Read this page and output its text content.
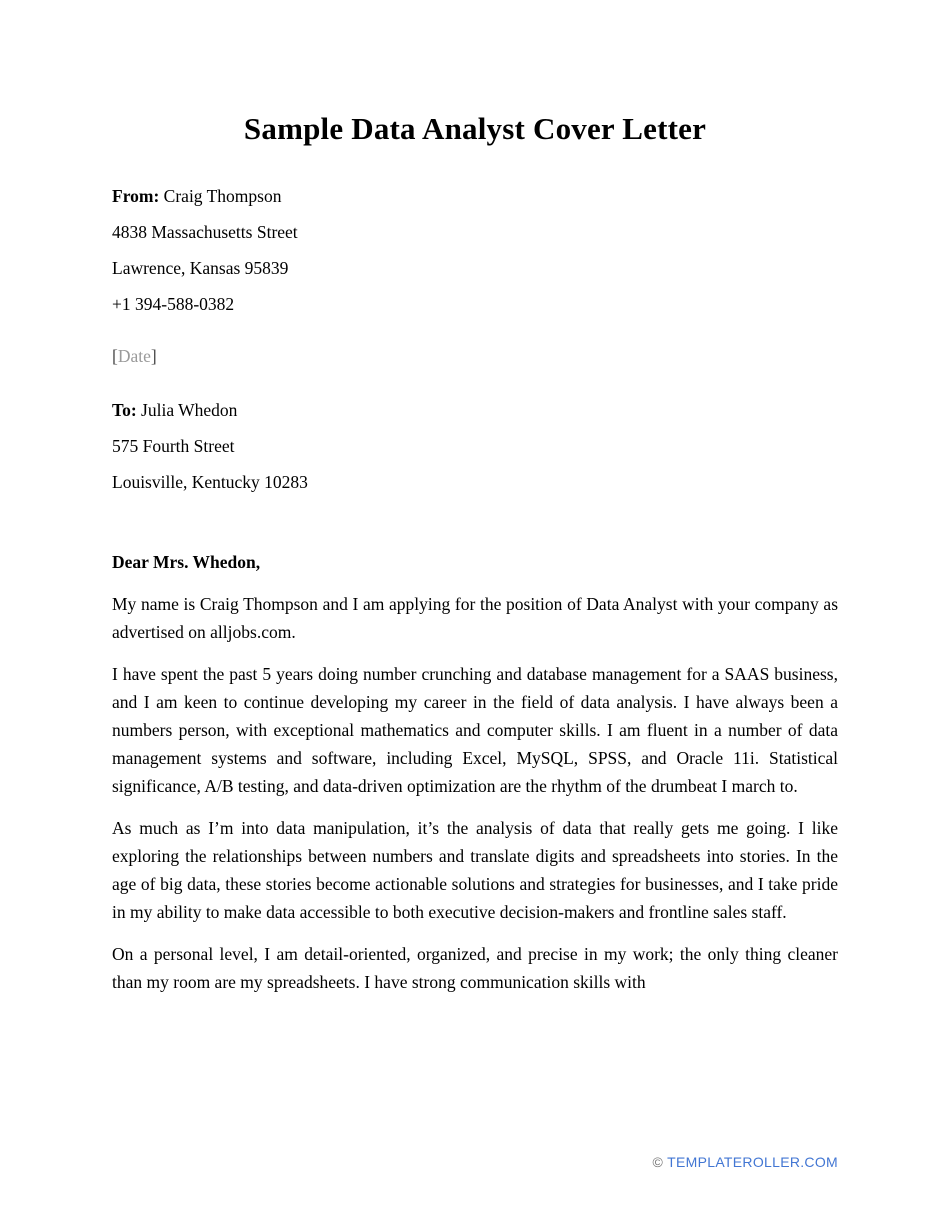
Sample Data Analyst Cover Letter
From: Craig Thompson
4838 Massachusetts Street
Lawrence, Kansas 95839
+1 394-588-0382
[Date]
To: Julia Whedon
575 Fourth Street
Louisville, Kentucky 10283
Dear Mrs. Whedon,

My name is Craig Thompson and I am applying for the position of Data Analyst with your company as advertised on alljobs.com.

I have spent the past 5 years doing number crunching and database management for a SAAS business, and I am keen to continue developing my career in the field of data analysis. I have always been a numbers person, with exceptional mathematics and computer skills. I am fluent in a number of data management systems and software, including Excel, MySQL, SPSS, and Oracle 11i. Statistical significance, A/B testing, and data-driven optimization are the rhythm of the drumbeat I march to.

As much as I’m into data manipulation, it’s the analysis of data that really gets me going. I like exploring the relationships between numbers and translate digits and spreadsheets into stories. In the age of big data, these stories become actionable solutions and strategies for businesses, and I take pride in my ability to make data accessible to both executive decision-makers and frontline sales staff.

On a personal level, I am detail-oriented, organized, and precise in my work; the only thing cleaner than my room are my spreadsheets. I have strong communication skills with

© TEMPLATEROLLER.COM
